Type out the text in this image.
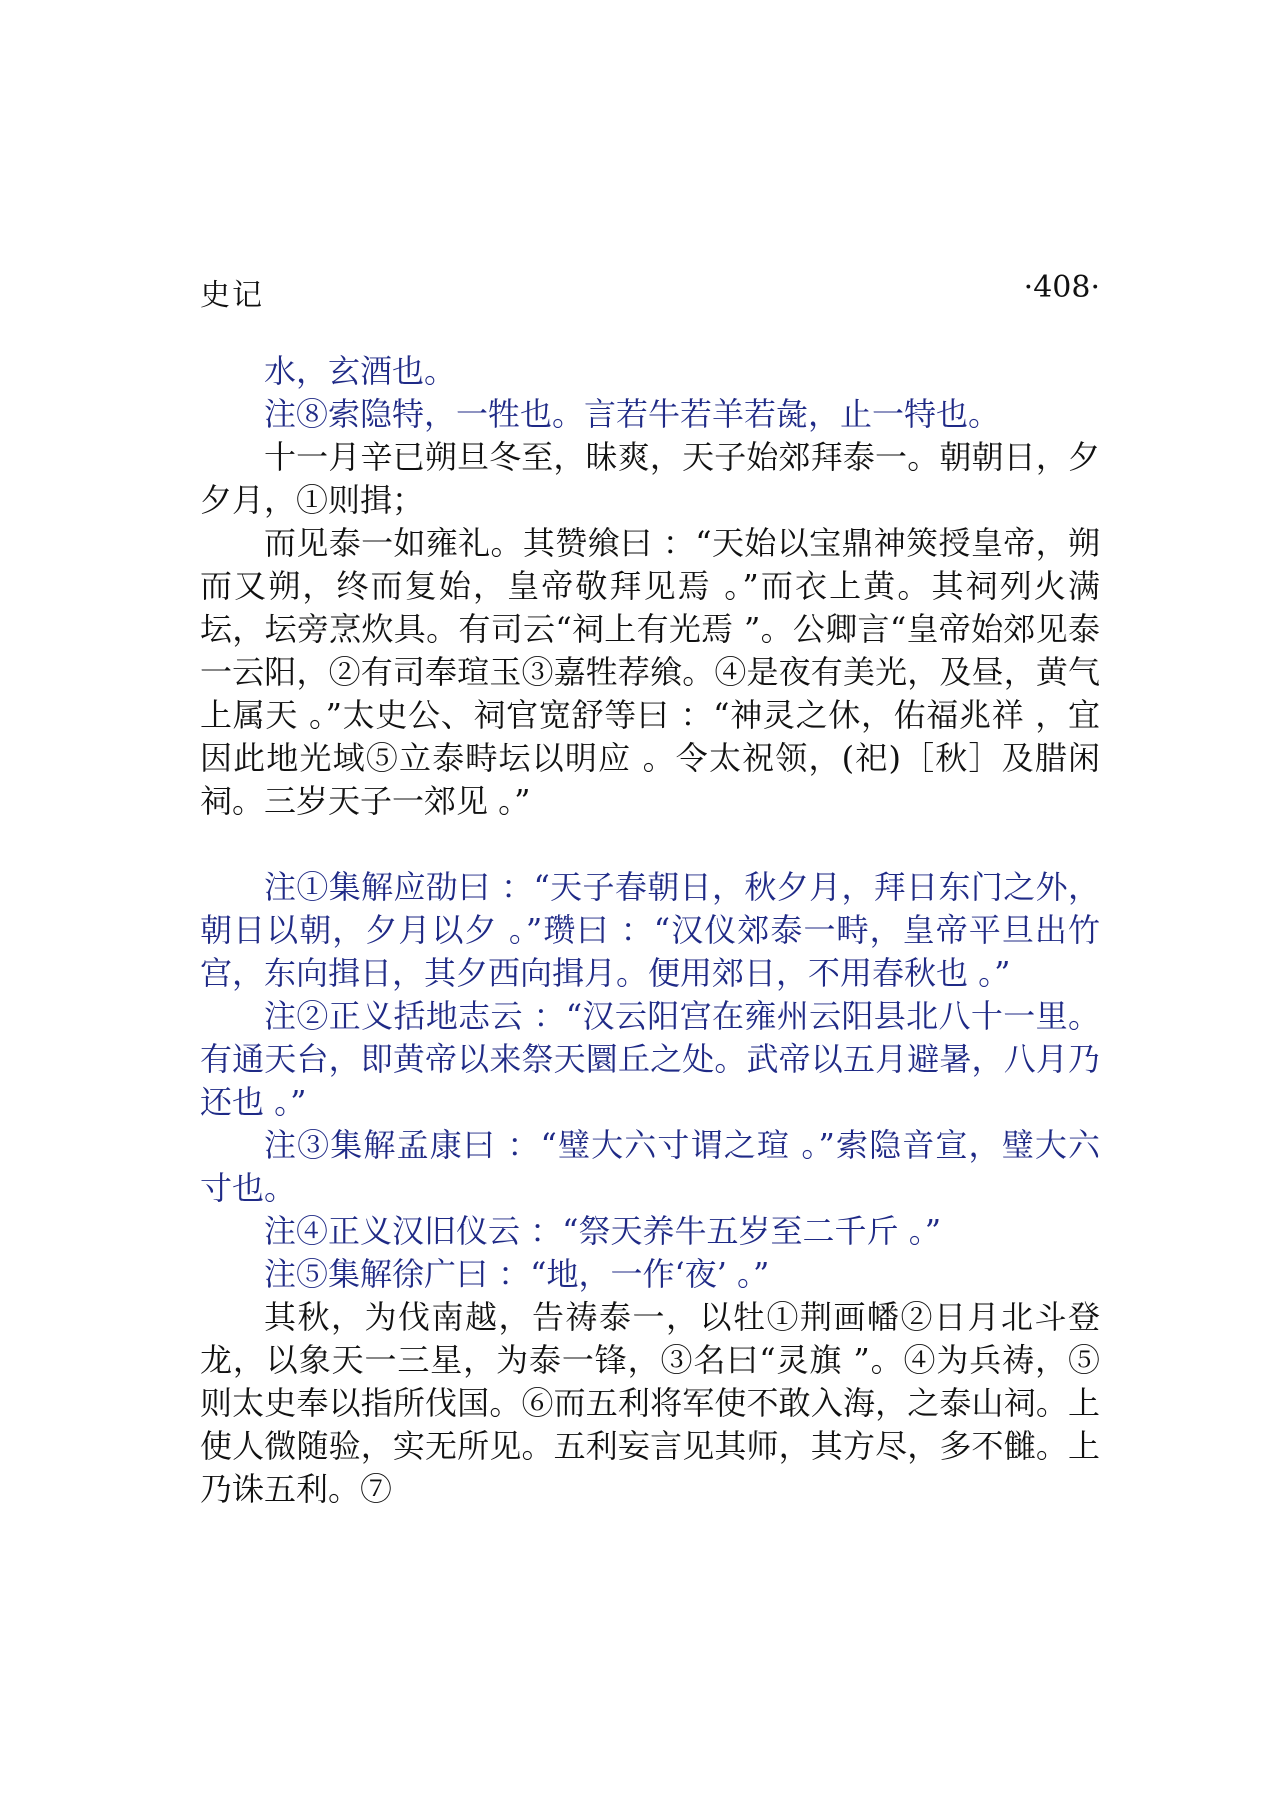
史记	·408·

水，玄酒也。

注⑧索隐特，一牲也。言若牛若羊若彘，止一特也。

十一月辛已朔旦冬至，昧爽，天子始郊拜泰一。朝朝日，夕夕月，①则揖；

而见泰一如雍礼。其赞飨曰 ：“天始以宝鼎神筴授皇帝，朔而又朔，终而复始，皇帝敬拜见焉 。”而衣上黄。其祠列火满坛，坛旁烹炊具。有司云“祠上有光焉 ”。公卿言“皇帝始郊见泰一云阳，②有司奉瑄玉③嘉牲荐飨。④是夜有美光，及昼，黄气上属天 。”太史公、祠官宽舒等曰 ：“神灵之休，佑福兆祥 ，宜因此地光域⑤立泰畤坛以明应 。令太祝领，(祀)［秋］及腊闲祠。三岁天子一郊见 。”

注①集解应劭曰 ：“天子春朝日，秋夕月，拜日东门之外，朝日以朝，夕月以夕 。”瓒曰 ：“汉仪郊泰一畤，皇帝平旦出竹宫，东向揖日，其夕西向揖月。便用郊日，不用春秋也 。”

注②正义括地志云 ：“汉云阳宫在雍州云阳县北八十一里。有通天台，即黄帝以来祭天圜丘之处。武帝以五月避暑，八月乃还也 。”

注③集解孟康曰 ：“璧大六寸谓之瑄 。”索隐音宣，璧大六寸也。

注④正义汉旧仪云 ：“祭天养牛五岁至二千斤 。”

注⑤集解徐广曰 ：“地，一作‘夜’ 。”

其秋，为伐南越，告祷泰一，以牡①荆画幡②日月北斗登龙，以象天一三星，为泰一锋，③名曰“灵旗 ”。④为兵祷，⑤则太史奉以指所伐国。⑥而五利将军使不敢入海，之泰山祠。上使人微随验，实无所见。五利妄言见其师，其方尽，多不雠。上乃诛五利。⑦
